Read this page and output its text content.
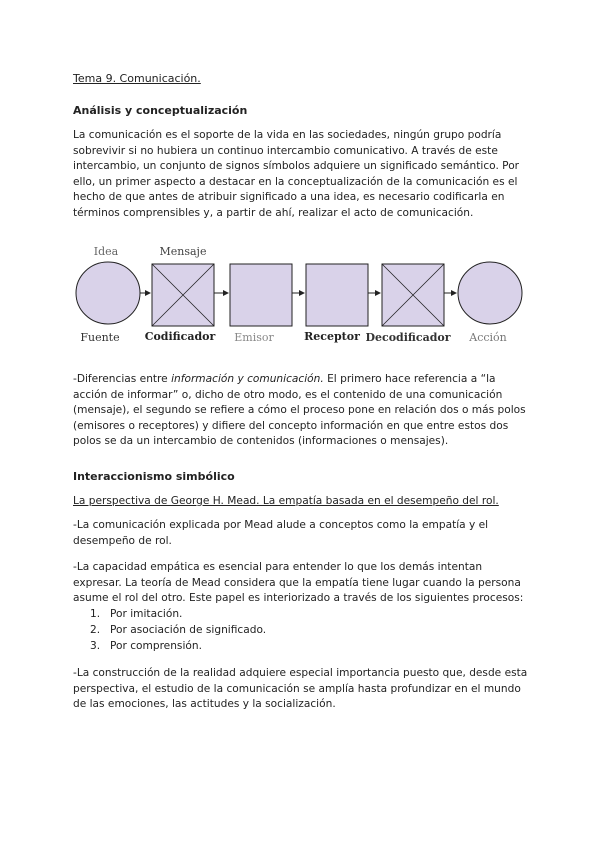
Tema 9. Comunicación.
Análisis y conceptualización
La comunicación es el soporte de la vida en las sociedades, ningún grupo podría sobrevivir si no hubiera un continuo intercambio comunicativo. A través de este intercambio, un conjunto de signos símbolos adquiere un significado semántico. Por ello, un primer aspecto a destacar en la conceptualización de la comunicación es el hecho de que antes de atribuir significado a una idea, es necesario codificarla en términos comprensibles y, a partir de ahí, realizar el acto de comunicación.
Idea	Mensaje
Fuente Codificador Emisor	Receptor Decodificador Acción
-Diferencias entre información y comunicación. El primero hace referencia a “la acción de informar” o, dicho de otro modo, es el contenido de una comunicación (mensaje), el segundo se refiere a cómo el proceso pone en relación dos o más polos (emisores o receptores) y difiere del concepto información en que entre estos dos polos se da un intercambio de contenidos (informaciones o mensajes).
Interaccionismo simbólico
La perspectiva de George H. Mead. La empatía basada en el desempeño del rol.
-La comunicación explicada por Mead alude a conceptos como la empatía y el desempeño de rol.
-La capacidad empática es esencial para entender lo que los demás intentan expresar. La teoría de Mead considera que la empatía tiene lugar cuando la persona asume el rol del otro. Este papel es interiorizado a través de los siguientes procesos:
1. Por imitación.
2. Por asociación de significado.
3. Por comprensión.
-La construcción de la realidad adquiere especial importancia puesto que, desde esta perspectiva, el estudio de la comunicación se amplía hasta profundizar en el mundo de las emociones, las actitudes y la socialización.
